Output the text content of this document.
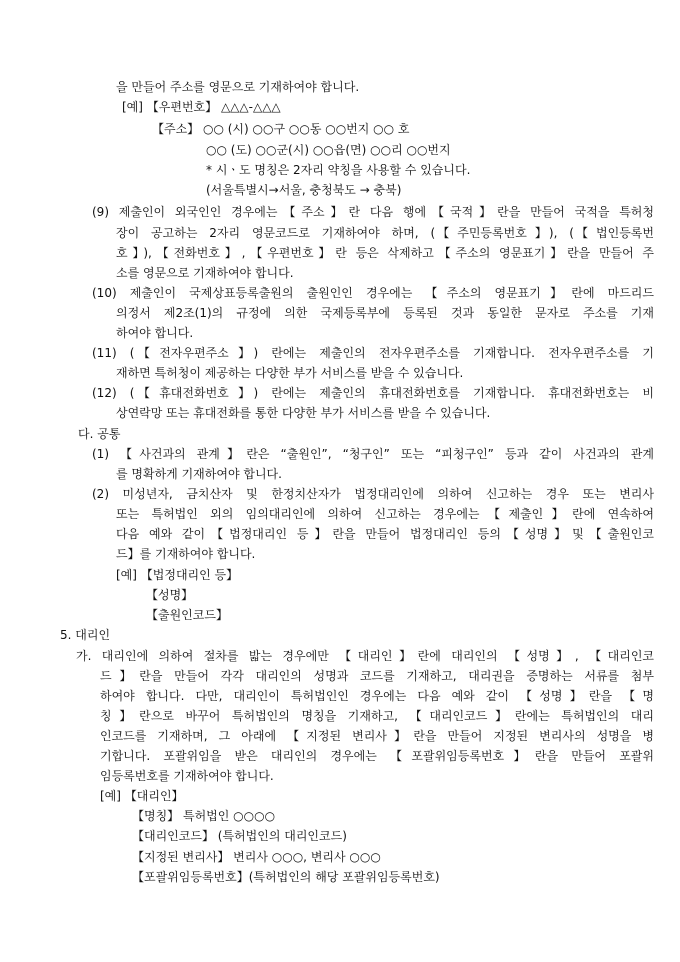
을 만들어 주소를 영문으로 기재하여야 합니다.
[예] 【우편번호】 △△△-△△△
【주소】 ○○ (시) ○○구 ○○동 ○○번지 ○○ 호
○○ (도) ○○군(시) ○○읍(면) ○○리 ○○번지
* 시ㆍ도 명칭은 2자리 약칭을 사용할 수 있습니다.
(서울특별시→서울, 충청북도 → 충북)
(9) 제출인이 외국인인 경우에는【주소】란 다음 행에【국적】란을 만들어 국적을 특허청
장이 공고하는 2자리 영문코드로 기재하여야 하며, (【주민등록번호】), (【법인등록번
호】),【전화번호】,【우편번호】란 등은 삭제하고【주소의 영문표기】란을 만들어 주
소를 영문으로 기재하여야 합니다.
(10) 제출인이 국제상표등록출원의 출원인인 경우에는 【주소의 영문표기】란에 마드리드
의정서 제2조(1)의 규정에 의한 국제등록부에 등록된 것과 동일한 문자로 주소를 기재
하여야 합니다.
(11) (【전자우편주소】) 란에는 제출인의 전자우편주소를 기재합니다. 전자우편주소를 기
재하면 특허청이 제공하는 다양한 부가 서비스를 받을 수 있습니다.
(12) (【휴대전화번호】) 란에는 제출인의 휴대전화번호를 기재합니다. 휴대전화번호는 비
상연락망 또는 휴대전화를 통한 다양한 부가 서비스를 받을 수 있습니다.
다. 공통
(1) 【사건과의 관계】란은 “출원인”, “청구인” 또는 “피청구인” 등과 같이 사건과의 관계
를 명확하게 기재하여야 합니다.
(2) 미성년자, 금치산자 및 한정치산자가 법정대리인에 의하여 신고하는 경우 또는 변리사
또는 특허법인 외의 임의대리인에 의하여 신고하는 경우에는【제출인】란에 연속하여
다음 예와 같이【법정대리인 등】란을 만들어 법정대리인 등의【성명】및【출원인코
드】를 기재하여야 합니다.
[예] 【법정대리인 등】
【성명】
【출원인코드】
5. 대리인
가. 대리인에 의하여 절차를 밟는 경우에만 【대리인】란에 대리인의 【성명】, 【대리인코
드】란을 만들어 각각 대리인의 성명과 코드를 기재하고, 대리권을 증명하는 서류를 첨부
하여야 합니다. 다만, 대리인이 특허법인인 경우에는 다음 예와 같이 【성명】란을 【명
칭】란으로 바꾸어 특허법인의 명칭을 기재하고, 【대리인코드】란에는 특허법인의 대리
인코드를 기재하며, 그 아래에 【지정된 변리사】란을 만들어 지정된 변리사의 성명을 병
기합니다. 포괄위임을 받은 대리인의 경우에는 【포괄위임등록번호】란을 만들어 포괄위
임등록번호를 기재하여야 합니다.
[예] 【대리인】
【명칭】 특허법인 ○○○○
【대리인코드】 (특허법인의 대리인코드)
【지정된 변리사】 변리사 ○○○, 변리사 ○○○
【포괄위임등록번호】(특허법인의 해당 포괄위임등록번호)
